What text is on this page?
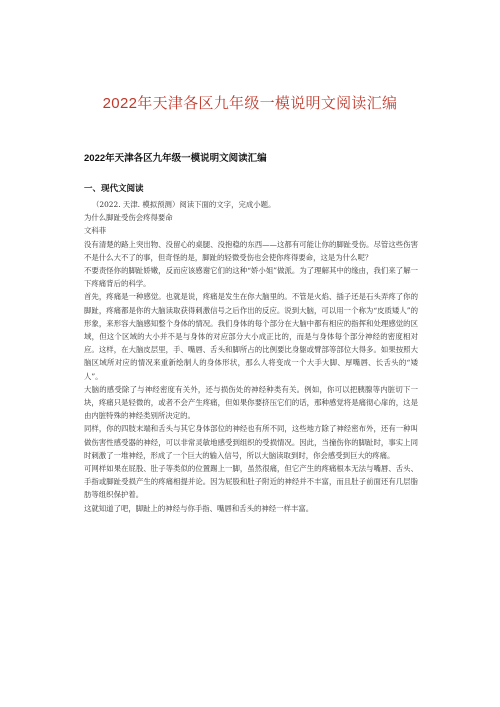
2022年天津各区九年级一模说明文阅读汇编
2022年天津各区九年级一模说明文阅读汇编
一、现代文阅读

（2022. 天津. 模拟预测）阅读下面的文字，完成小题。

为什么脚趾受伤会疼得要命

文科菲

没有清楚的路上突出物、没留心的桌腿、没抱稳的东西——这都有可能让你的脚趾受伤。尽管这些伤害不是什么大不了的事，但奇怪的是，脚趾的轻微受伤也会使你疼得要命，这是为什么呢？

不要责怪你的脚趾娇嫩，反而应该感谢它们的这种“娇小姐”做派。为了理解其中的缘由，我们来了解一下疼痛背后的科学。

首先，疼痛是一种感觉。也就是说，疼痛是发生在你大脑里的。不管是火焰、插子还是石头弄疼了你的脚趾，疼痛都是你的大脑读取获得刺激信号之后作出的反应。说到大脑，可以用一个称为“皮质矮人”的形象，来形容大脑感知整个身体的情况。我们身体的每个部分在大脑中都有相应的指挥和处理感觉的区域，但这个区域的大小并不是与身体的对应部分大小成正比的，而是与身体每个部分神经的密度相对应。这样，在大脑皮层里，手、嘴唇、舌头和脚所占的比例要比身躯或臂部等部位大得多。如果按照大脑区域所对应的情况来重新绘制人的身体形状，那么人将变成一个大手大脚、厚嘴唇、长舌头的“矮人”。

大脑的感受除了与神经密度有关外，还与损伤处的神经种类有关。例如，你可以把胰腺等内脏切下一块，疼痛只是轻微的，或者不会产生疼痛，但如果你要挤压它们的话，那种感觉将是痛彻心扉的，这是由内脏特殊的神经类别所决定的。

同样，你的四肢末端和舌头与其它身体部位的神经也有所不同，这些地方除了神经密布外，还有一种叫做伤害性感受器的神经，可以非常灵敏地感受到组织的受损情况。因此，当撞伤你的脚趾时，事实上同时刺激了一堆神经，形成了一个巨大的输入信号，所以大脑读取到时，你会感受到巨大的疼痛。

可网样如果在屁股、肚子等类似的位置踢上一脚，虽然很痛，但它产生的疼痛根本无法与嘴唇、舌头、手指或脚趾受损产生的疼痛相提并论。因为屁股和肚子附近的神经并不丰富，而且肚子前面还有几层脂肪等组织保护着。

这就知道了吧，脚趾上的神经与你手指、嘴唇和舌头的神经一样丰富。
